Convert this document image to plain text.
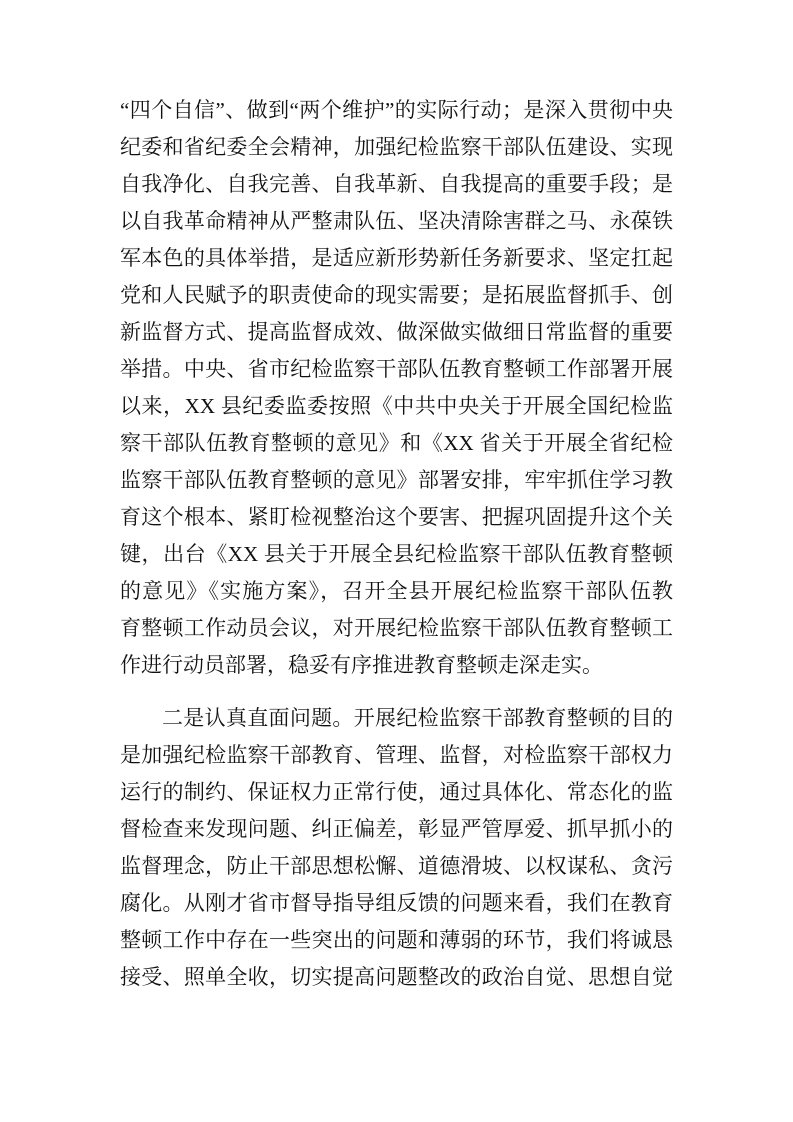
“四个自信”、做到“两个维护”的实际行动；是深入贯彻中央
纪委和省纪委全会精神，加强纪检监察干部队伍建设、实现
自我净化、自我完善、自我革新、自我提高的重要手段；是
以自我革命精神从严整肃队伍、坚决清除害群之马、永葆铁
军本色的具体举措，是适应新形势新任务新要求、坚定扛起
党和人民赋予的职责使命的现实需要；是拓展监督抓手、创
新监督方式、提高监督成效、做深做实做细日常监督的重要
举措。中央、省市纪检监察干部队伍教育整顿工作部署开展
以来，XX 县纪委监委按照《中共中央关于开展全国纪检监
察干部队伍教育整顿的意见》和《XX 省关于开展全省纪检
监察干部队伍教育整顿的意见》部署安排，牢牢抓住学习教
育这个根本、紧盯检视整治这个要害、把握巩固提升这个关
键，出台《XX 县关于开展全县纪检监察干部队伍教育整顿
的意见》《实施方案》，召开全县开展纪检监察干部队伍教
育整顿工作动员会议，对开展纪检监察干部队伍教育整顿工
作进行动员部署，稳妥有序推进教育整顿走深走实。
二是认真直面问题。开展纪检监察干部教育整顿的目的
是加强纪检监察干部教育、管理、监督，对检监察干部权力
运行的制约、保证权力正常行使，通过具体化、常态化的监
督检查来发现问题、纠正偏差，彰显严管厚爱、抓早抓小的
监督理念，防止干部思想松懈、道德滑坡、以权谋私、贪污
腐化。从刚才省市督导指导组反馈的问题来看，我们在教育
整顿工作中存在一些突出的问题和薄弱的环节，我们将诚恳
接受、照单全收，切实提高问题整改的政治自觉、思想自觉
